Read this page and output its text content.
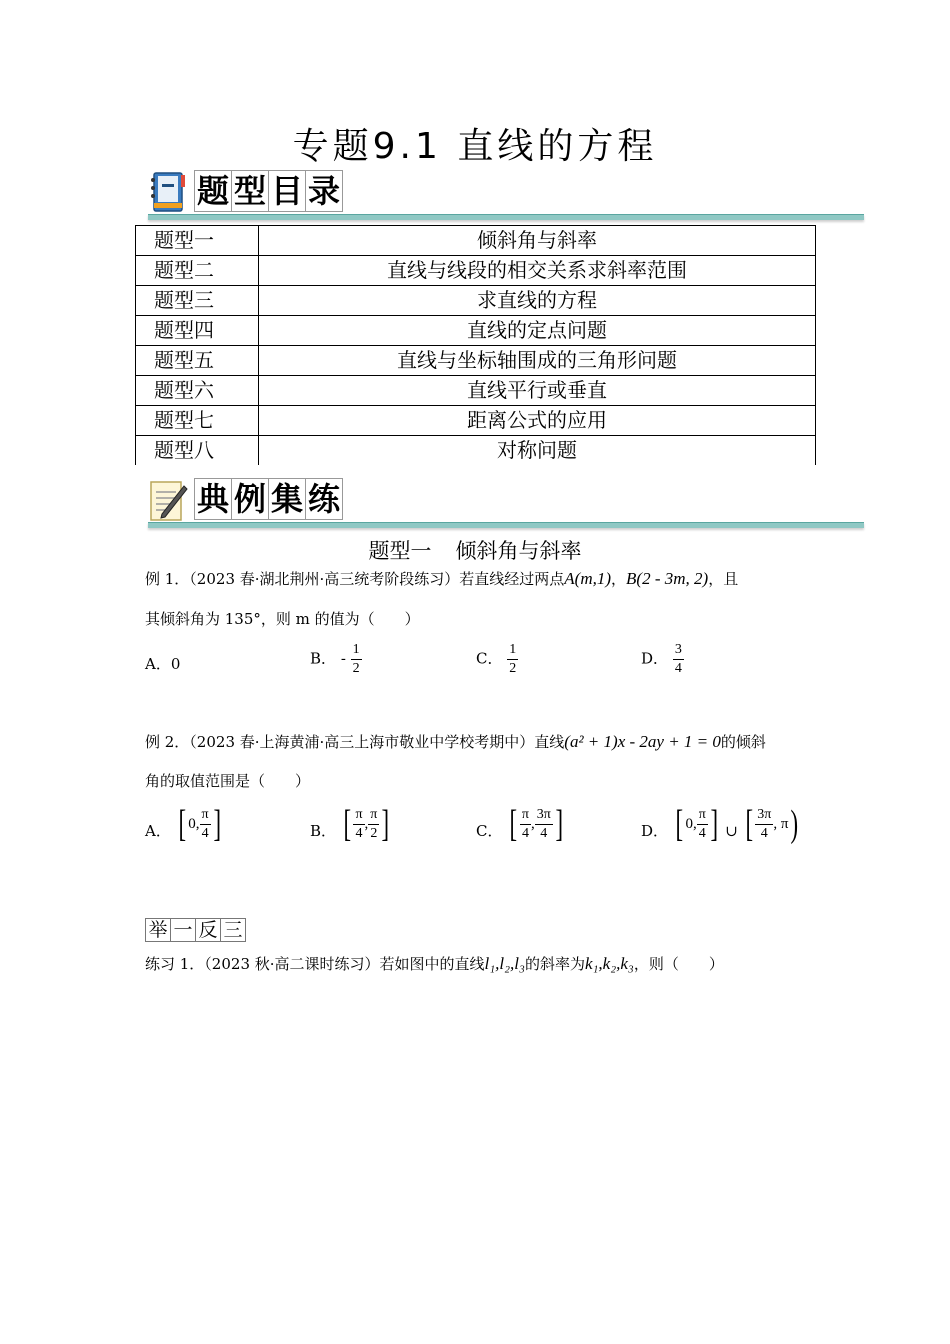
专题9.1 直线的方程
题 型 目 录
题型一	倾斜角与斜率
题型二	直线与线段的相交关系求斜率范围
题型三	求直线的方程
题型四	直线的定点问题
题型五	直线与坐标轴围成的三角形问题
题型六	直线平行或垂直
题型七	距离公式的应用
题型八	对称问题
典 例 集 练
题型一 倾斜角与斜率
例 1．（2023 春·湖北荆州·高三统考阶段练习）若直线经过两点A(m,1)，B(2 - 3m, 2)，且
其倾斜角为 135°，则 m 的值为（　　）
A．0	B． - $\frac{1}{2}$	C． $\frac{1}{2}$	D． $\frac{3}{4}$
例 2．（2023 春·上海黄浦·高三上海市敬业中学校考期中）直线(a² + 1)x - 2ay + 1 = 0的倾斜
角的取值范围是（　　）
A． [ 0, $\frac{\pi}{4}$ ]	B． [ $\frac{\pi}{4}$ , $\frac{\pi}{2}$ ]	C． [ $\frac{\pi}{4}$ , $\frac{3\pi}{4}$ ]	D． [ 0, $\frac{\pi}{4}$ ] ∪ [ $\frac{3\pi}{4}$ , π )
举 一 反 三
练习 1．（2023 秋·高二课时练习）若如图中的直线l₁,l₂,l₃的斜率为k₁,k₂,k₃，则（　　）
